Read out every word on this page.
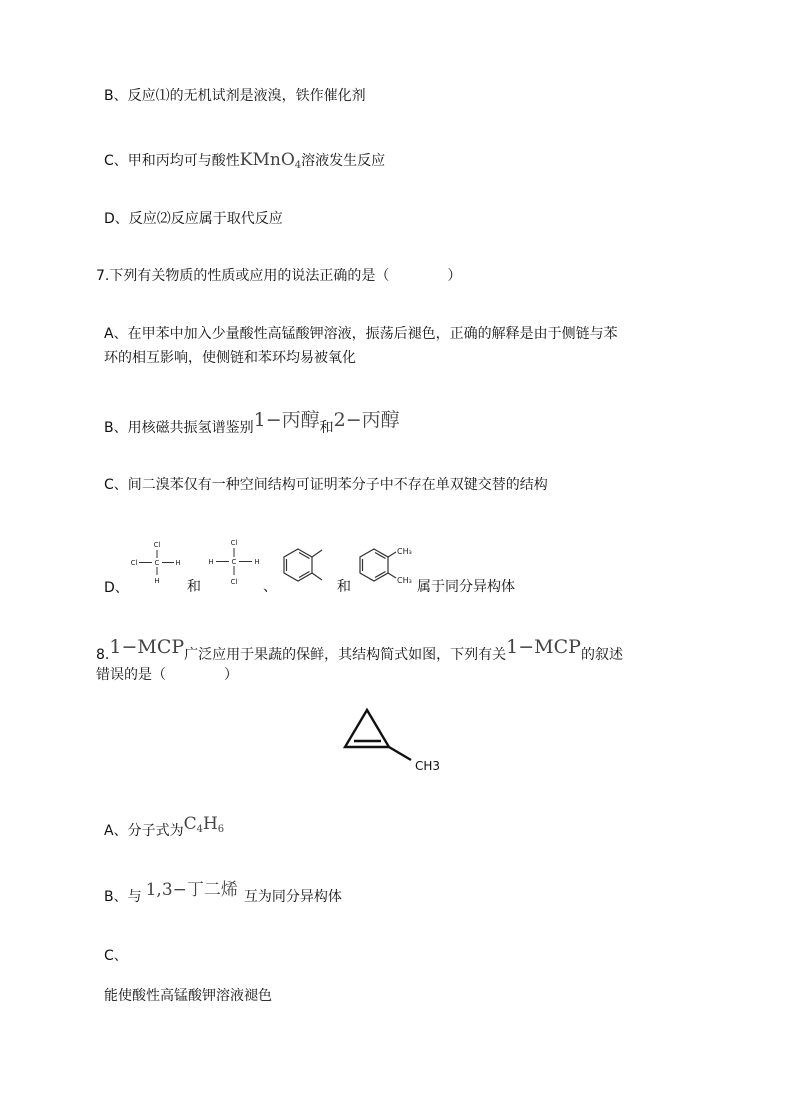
B、反应⑴的无机试剂是液溴，铁作催化剂
C、甲和丙均可与酸性KMnO$_4$溶液发生反应
D、反应⑵反应属于取代反应
7.下列有关物质的性质或应用的说法正确的是（	）
A、在甲苯中加入少量酸性高锰酸钾溶液，振荡后褪色，正确的解释是由于侧链与苯
环的相互影响，使侧链和苯环均易被氧化
B、用核磁共振氢谱鉴别1−丙醇和2−丙醇
C、间二溴苯仅有一种空间结构可证明苯分子中不存在单双键交替的结构
D、
Cl
Cl C H
H 和
Cl
H	C	H
Cl 、	和
CH₃
CH₃ 属于同分异构体
8.1−MCP广泛应用于果蔬的保鲜，其结构简式如图，下列有关1−MCP的叙述
错误的是（	）
CH3
A、分子式为$C_4H_6$
B、与 1,3−丁二烯 互为同分异构体
C、
能使酸性高锰酸钾溶液褪色
